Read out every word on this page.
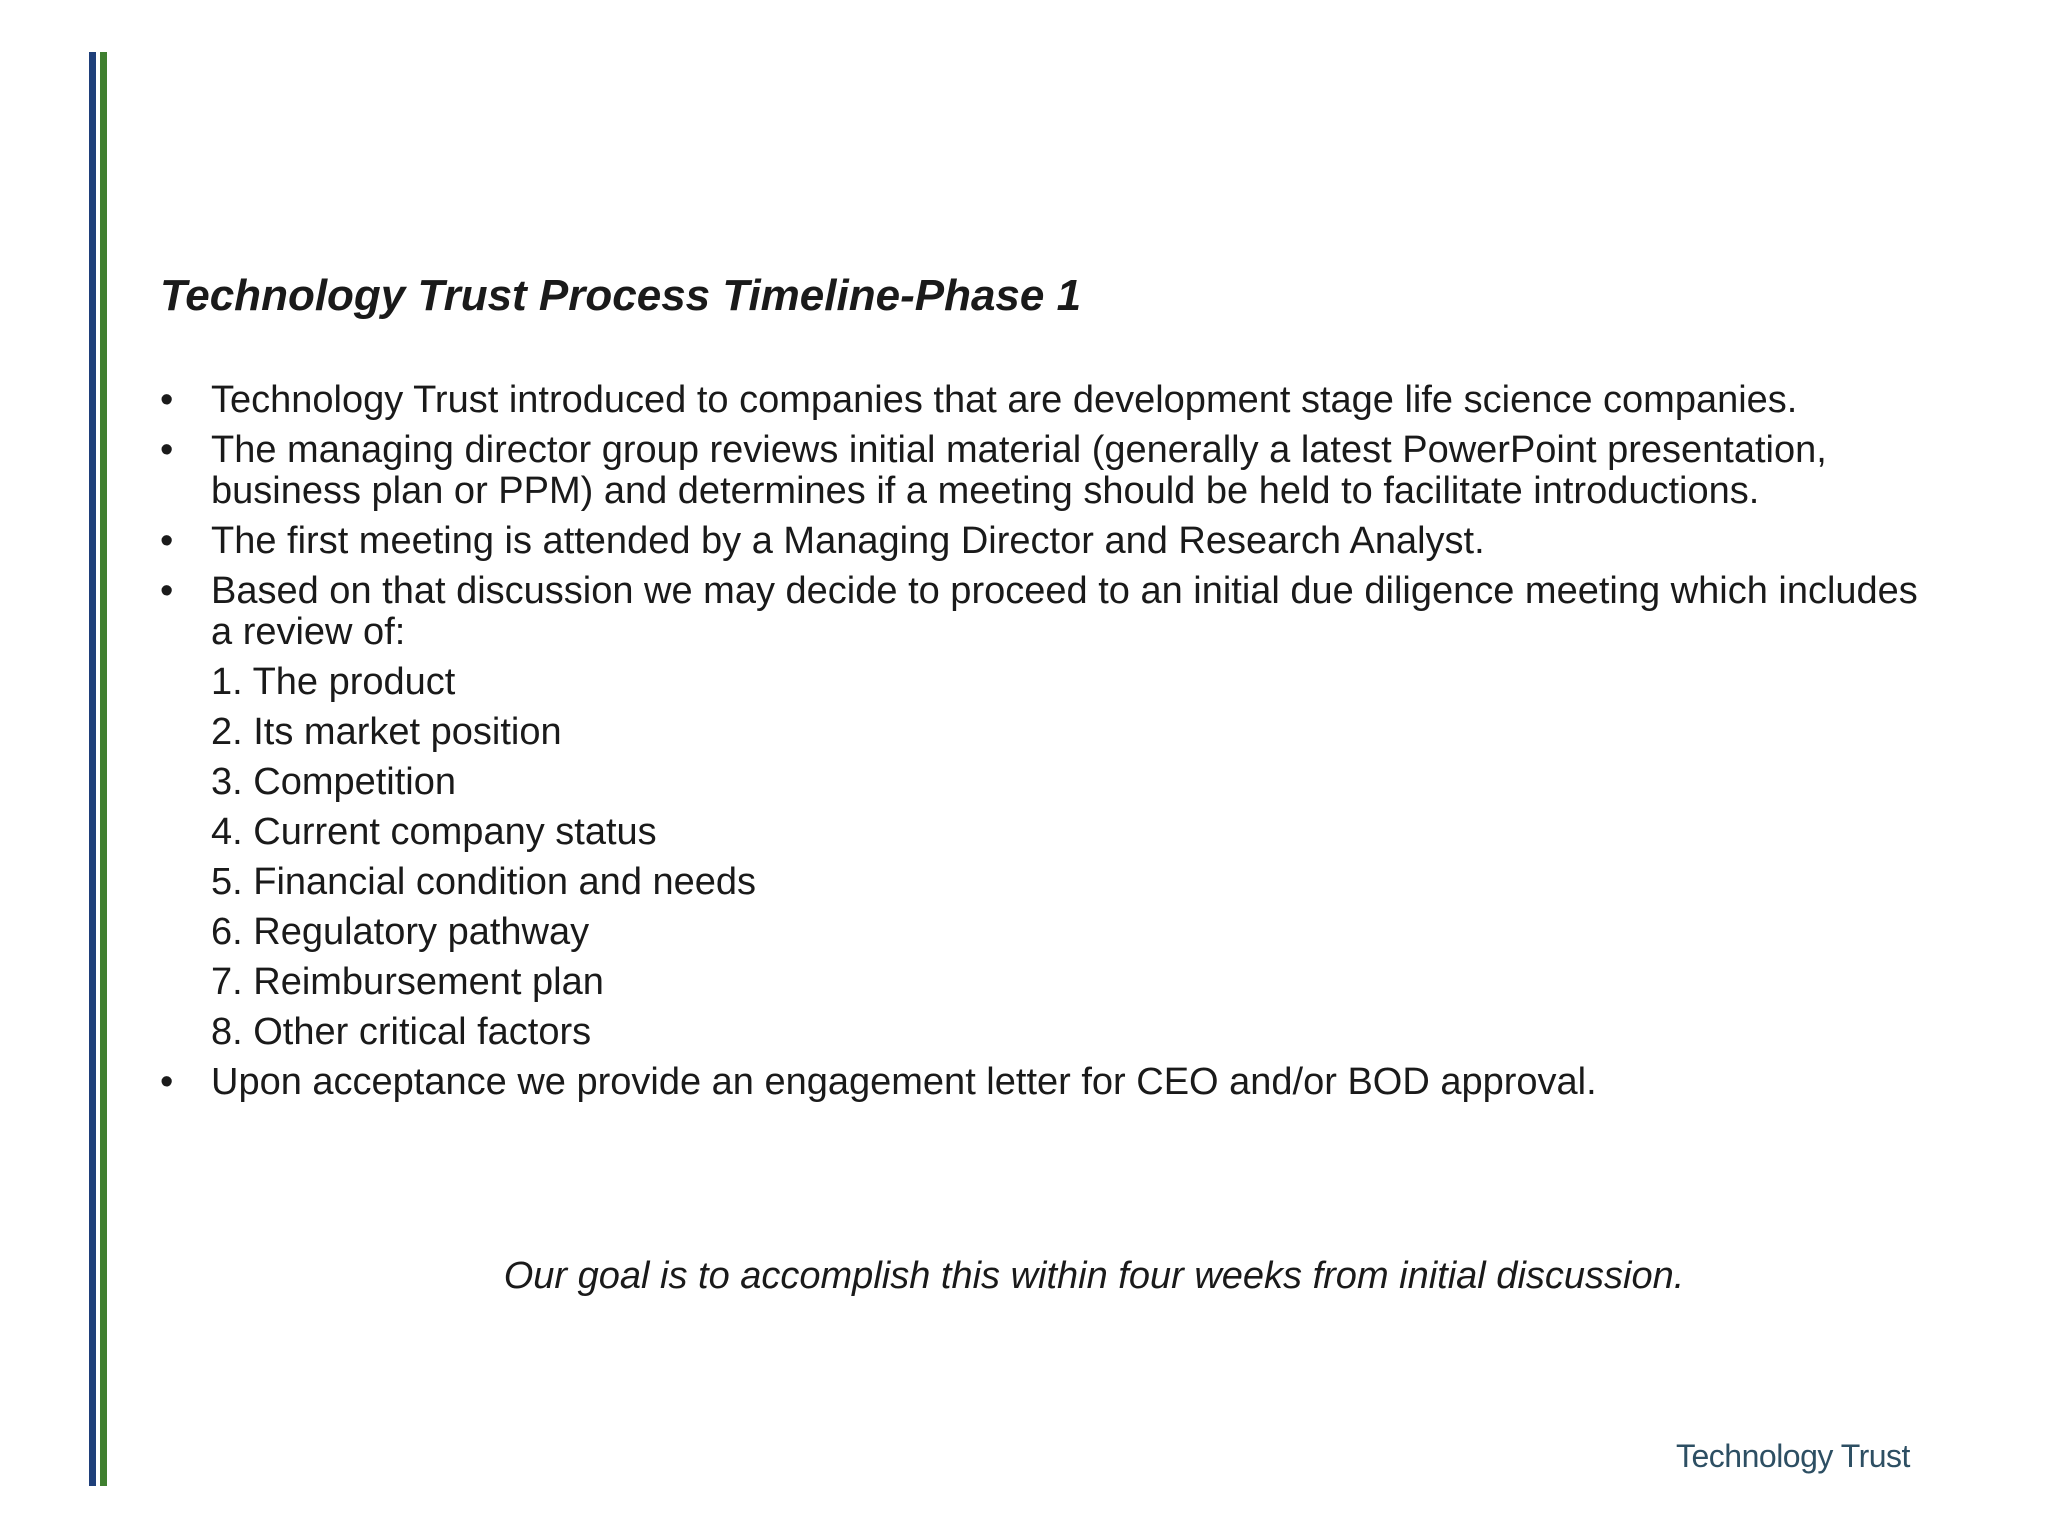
Technology Trust Process Timeline-Phase 1
• Technology Trust introduced to companies that are development stage life science companies.
• The managing director group reviews initial material (generally a latest PowerPoint presentation, business plan or PPM) and determines if a meeting should be held to facilitate introductions.
• The first meeting is attended by a Managing Director and Research Analyst.
• Based on that discussion we may decide to proceed to an initial due diligence meeting which includes a review of:
1. The product
2. Its market position
3. Competition
4. Current company status
5. Financial condition and needs
6. Regulatory pathway
7. Reimbursement plan
8. Other critical factors
• Upon acceptance we provide an engagement letter for CEO and/or BOD approval.

Our goal is to accomplish this within four weeks from initial discussion.

Technology Trust
